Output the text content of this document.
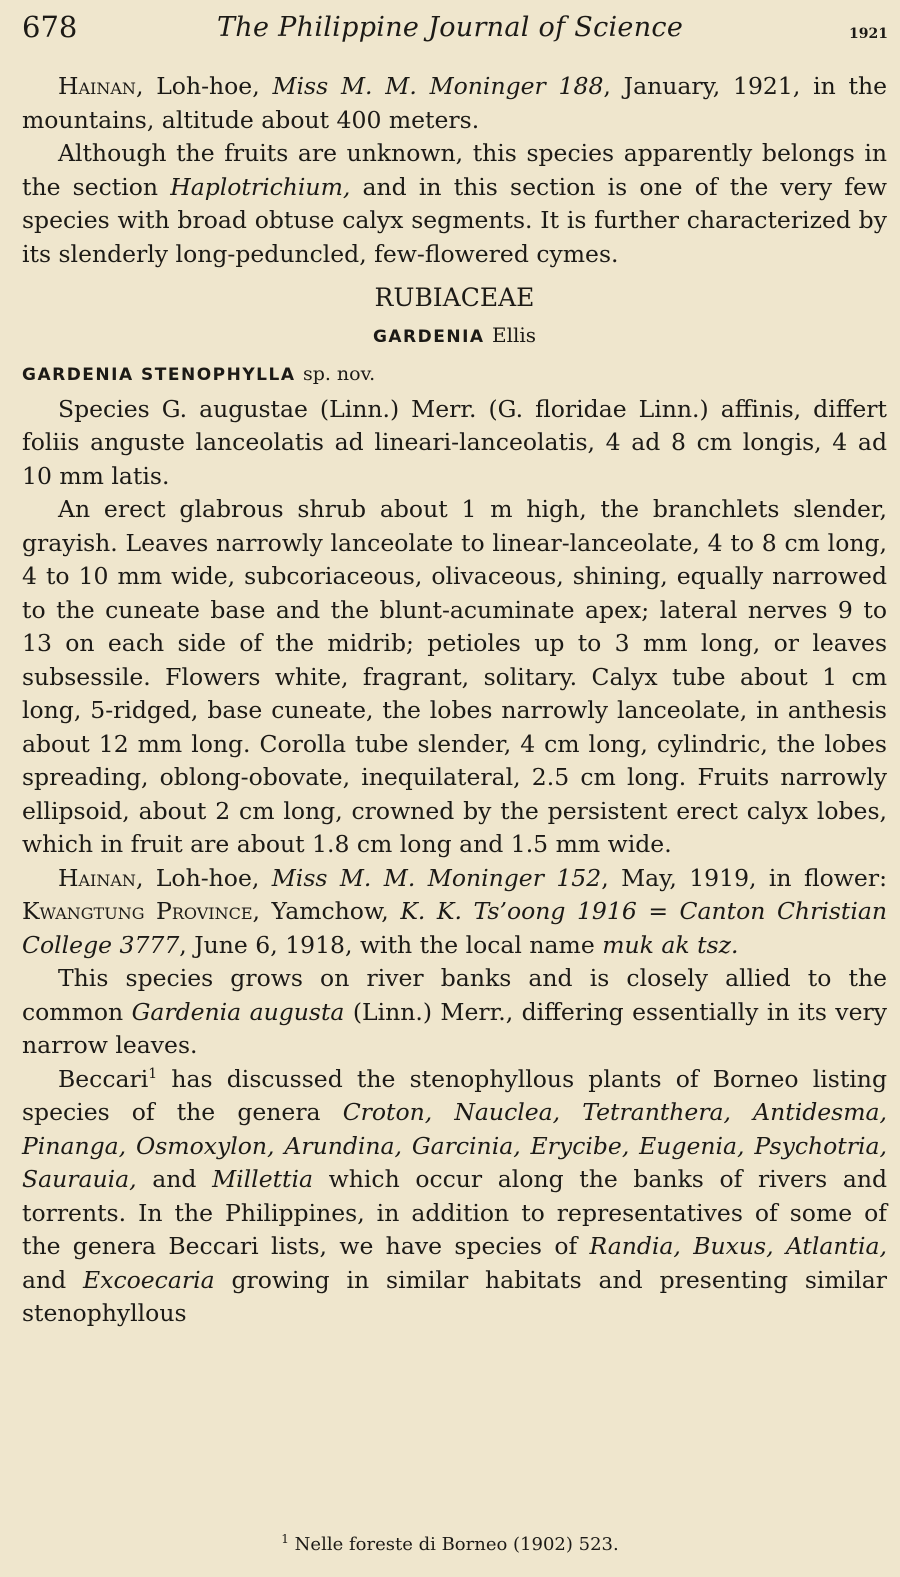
678	The Philippine Journal of Science	1921

Hainan, Loh-hoe, Miss M. M. Moninger 188, January, 1921, in the mountains, altitude about 400 meters.

Although the fruits are unknown, this species apparently belongs in the section Haplotrichium, and in this section is one of the very few species with broad obtuse calyx segments. It is further characterized by its slenderly long-peduncled, few-flowered cymes.

RUBIACEAE
GARDENIA Ellis

GARDENIA STENOPHYLLA sp. nov.

Species G. augustae (Linn.) Merr. (G. floridae Linn.) affinis, differt foliis anguste lanceolatis ad lineari-lanceolatis, 4 ad 8 cm longis, 4 ad 10 mm latis.

An erect glabrous shrub about 1 m high, the branchlets slender, grayish. Leaves narrowly lanceolate to linear-lanceolate, 4 to 8 cm long, 4 to 10 mm wide, subcoriaceous, olivaceous, shining, equally narrowed to the cuneate base and the blunt-acuminate apex; lateral nerves 9 to 13 on each side of the midrib; petioles up to 3 mm long, or leaves subsessile. Flowers white, fragrant, solitary. Calyx tube about 1 cm long, 5-ridged, base cuneate, the lobes narrowly lanceolate, in anthesis about 12 mm long. Corolla tube slender, 4 cm long, cylindric, the lobes spreading, oblong-obovate, inequilateral, 2.5 cm long. Fruits narrowly ellipsoid, about 2 cm long, crowned by the persistent erect calyx lobes, which in fruit are about 1.8 cm long and 1.5 mm wide.

Hainan, Loh-hoe, Miss M. M. Moninger 152, May, 1919, in flower: Kwangtung Province, Yamchow, K. K. Ts’oong 1916 = Canton Christian College 3777, June 6, 1918, with the local name muk ak tsz.

This species grows on river banks and is closely allied to the common Gardenia augusta (Linn.) Merr., differing essentially in its very narrow leaves.

Beccari$^1$ has discussed the stenophyllous plants of Borneo listing species of the genera Croton, Nauclea, Tetranthera, Antidesma, Pinanga, Osmoxylon, Arundina, Garcinia, Erycibe, Eugenia, Psychotria, Saurauia, and Millettia which occur along the banks of rivers and torrents. In the Philippines, in addition to representatives of some of the genera Beccari lists, we have species of Randia, Buxus, Atlantia, and Excoecaria growing in similar habitats and presenting similar stenophyllous

$^1$ Nelle foreste di Borneo (1902) 523.
